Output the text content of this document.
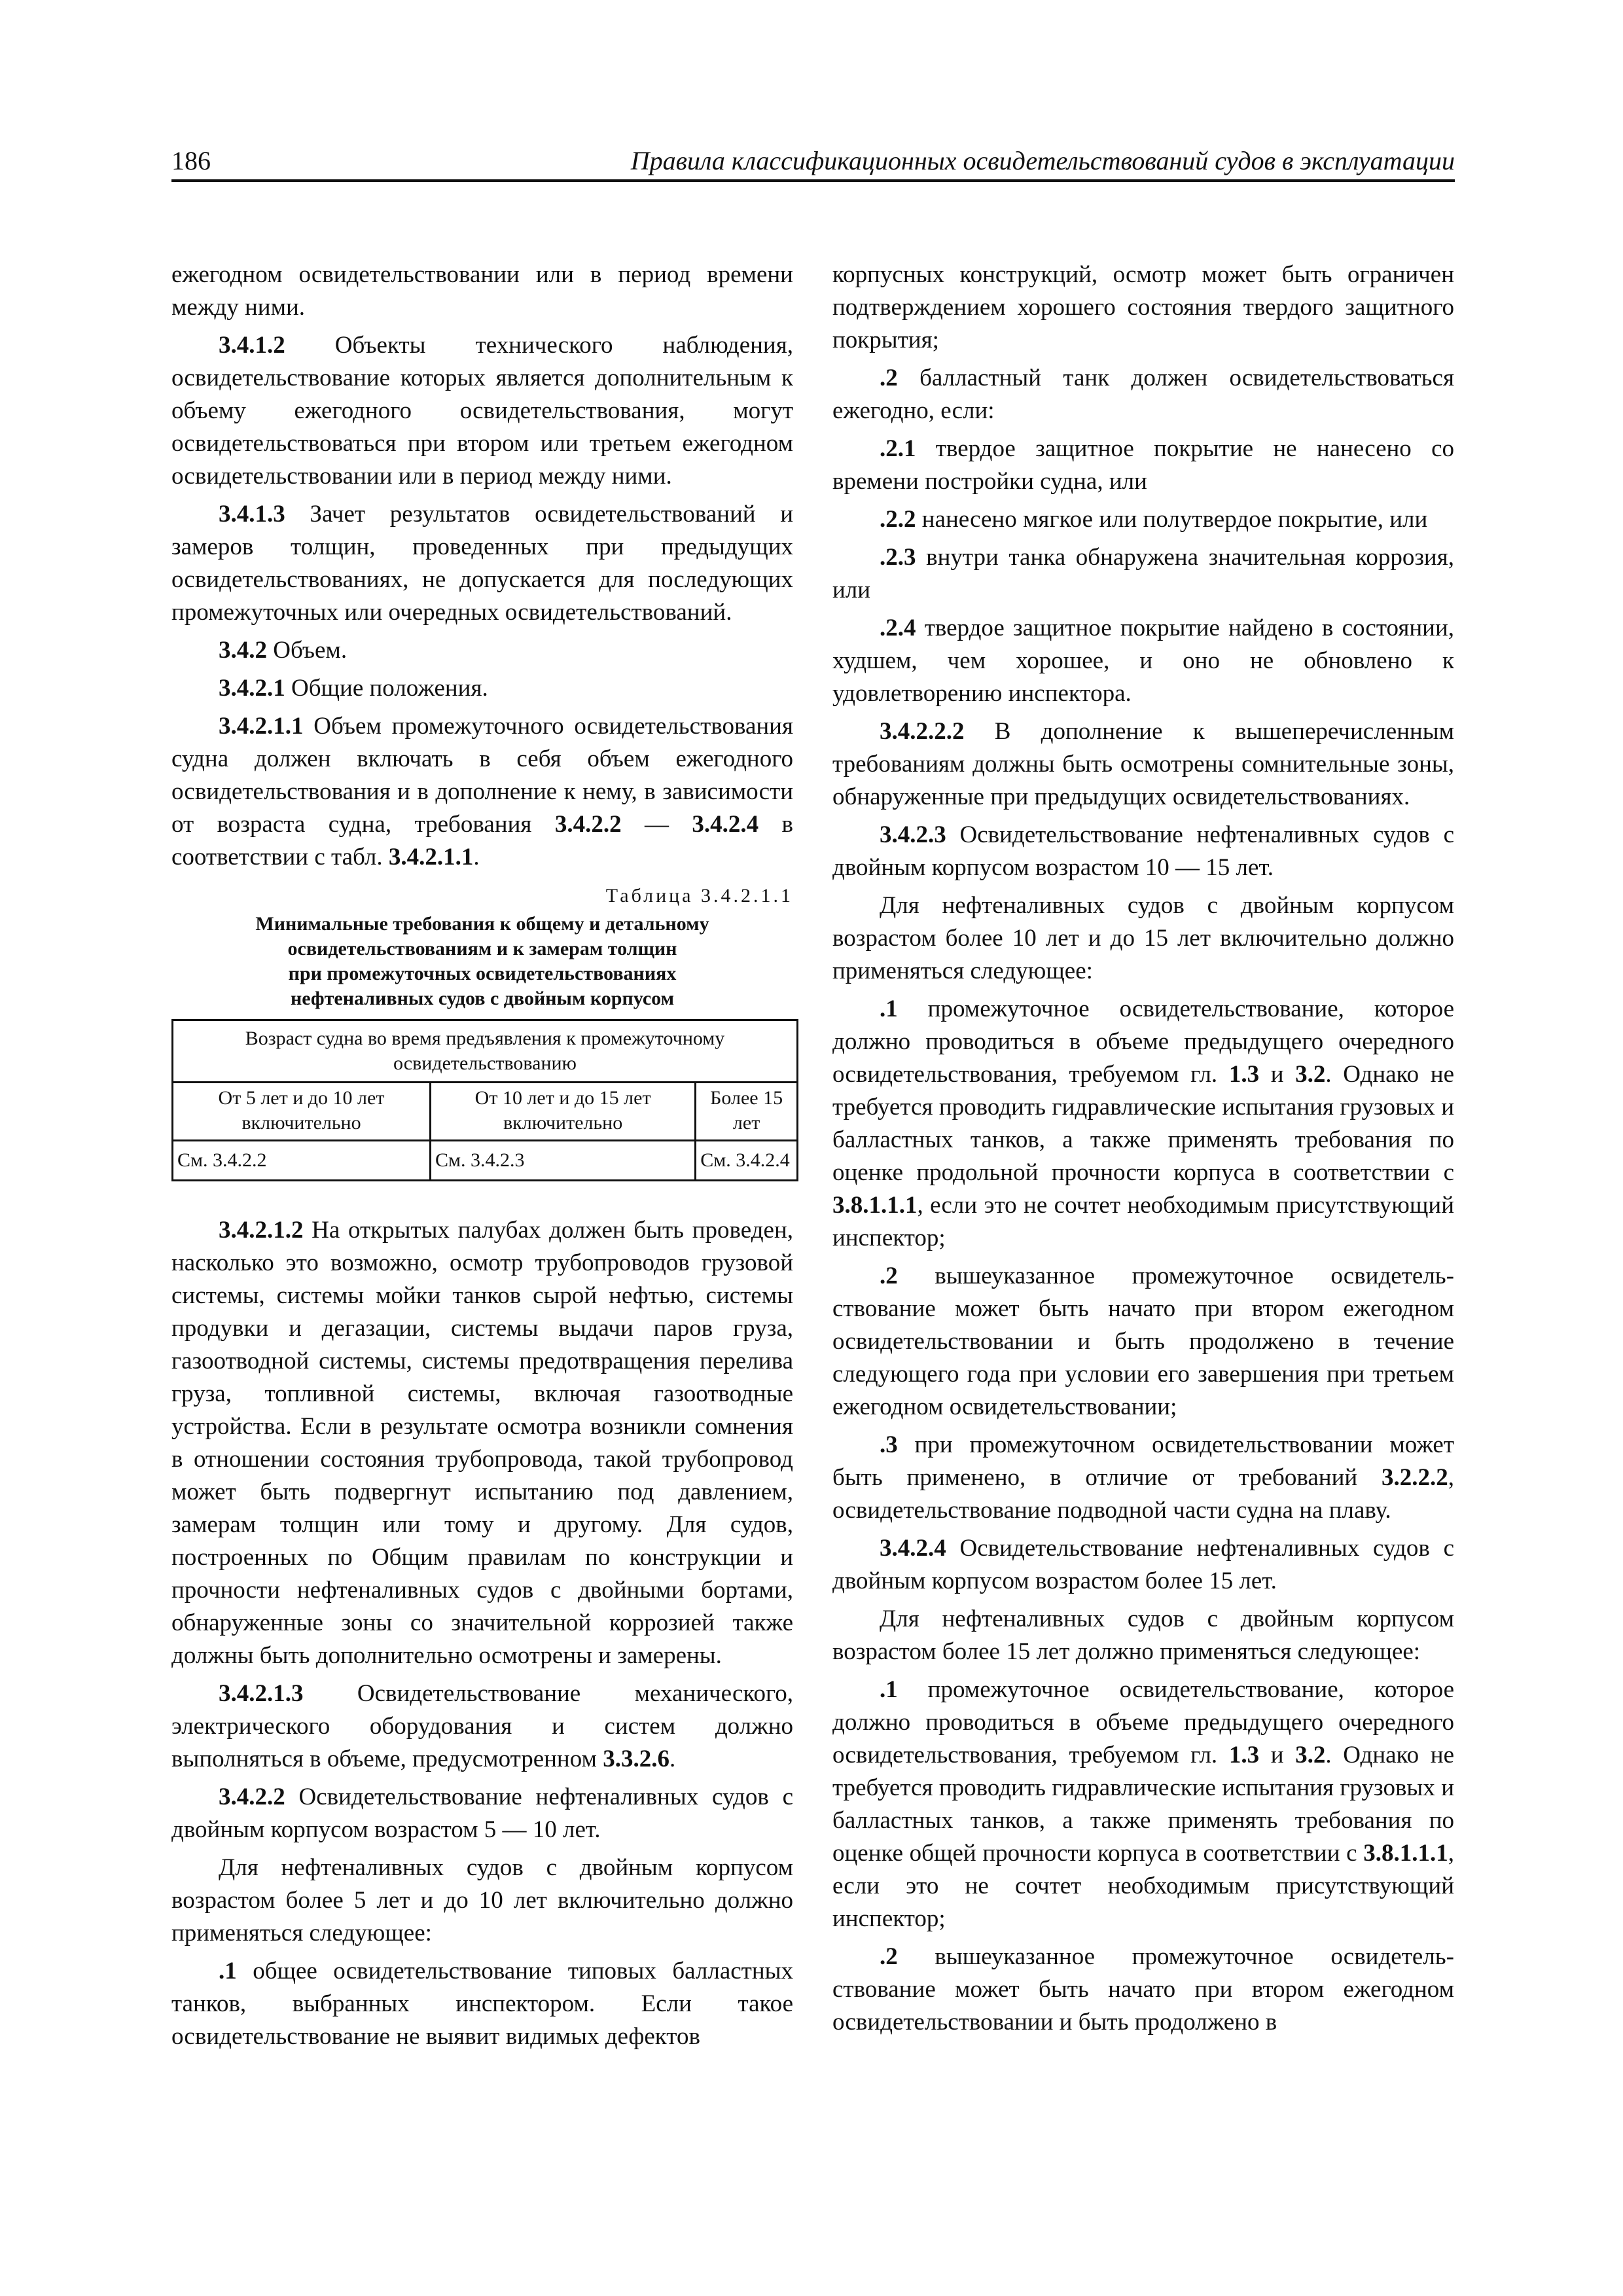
186	Правила классификационных освидетельствований судов в эксплуатации

ежегодном освидетельствовании или в период времени между ними.

3.4.1.2 Объекты технического наблюдения, освидетельствование которых является дополнительным к объему ежегодного освидетельствования, могут освидетельствоваться при втором или третьем ежегодном освидетельствовании или в период между ними.

3.4.1.3 Зачет результатов освидетельствований и замеров толщин, проведенных при предыдущих освидетельствованиях, не допускается для последующих промежуточных или очередных освидетельствований.

3.4.2 Объем.

3.4.2.1 Общие положения.

3.4.2.1.1 Объем промежуточного освидетельствования судна должен включать в себя объем ежегодного освидетельствования и в дополнение к нему, в зависимости от возраста судна, требования 3.4.2.2 — 3.4.2.4 в соответствии с табл. 3.4.2.1.1.

Таблица 3.4.2.1.1
Минимальные требования к общему и детальному
освидетельствованиям и к замерам толщин
при промежуточных освидетельствованиях
нефтеналивных судов с двойным корпусом
Возраст судна во время предъявления к промежуточному освидетельствованию		
От 5 лет и до 10 лет включительно	От 10 лет и до 15 лет включительно	Более 15 лет
См. 3.4.2.2	См. 3.4.2.3	См. 3.4.2.4

3.4.2.1.2 На открытых палубах должен быть проведен, насколько это возможно, осмотр трубопроводов грузовой системы, системы мойки танков сырой нефтью, системы продувки и дегазации, системы выдачи паров груза, газоотводной системы, системы предотвращения перелива груза, топливной системы, включая газоотводные устройства. Если в результате осмотра возникли сомнения в отношении состояния трубопровода, такой трубопровод может быть подвергнут испытанию под давлением, замерам толщин или тому и другому. Для судов, построенных по Общим правилам по конструкции и прочности нефтеналивных судов с двойными бортами, обнаруженные зоны со значительной коррозией также должны быть дополнительно осмотрены и замерены.

3.4.2.1.3 Освидетельствование механического, электрического оборудования и систем должно выполняться в объеме, предусмотренном 3.3.2.6.

3.4.2.2 Освидетельствование нефтеналивных судов с двойным корпусом возрастом 5 — 10 лет.

Для нефтеналивных судов с двойным корпусом возрастом более 5 лет и до 10 лет включительно должно применяться следующее:

.1 общее освидетельствование типовых балластных танков, выбранных инспектором. Если такое освидетельствование не выявит видимых дефектов

корпусных конструкций, осмотр может быть ограничен подтверждением хорошего состояния твердого защитного покрытия;

.2 балластный танк должен освидетельствоваться ежегодно, если:

.2.1 твердое защитное покрытие не нанесено со времени постройки судна, или

.2.2 нанесено мягкое или полутвердое покрытие, или

.2.3 внутри танка обнаружена значительная коррозия, или

.2.4 твердое защитное покрытие найдено в состоянии, худшем, чем хорошее, и оно не обновлено к удовлетворению инспектора.

3.4.2.2.2 В дополнение к вышеперечисленным требованиям должны быть осмотрены сомнительные зоны, обнаруженные при предыдущих освидетельствованиях.

3.4.2.3 Освидетельствование нефтеналивных судов с двойным корпусом возрастом 10 — 15 лет.

Для нефтеналивных судов с двойным корпусом возрастом более 10 лет и до 15 лет включительно должно применяться следующее:

.1 промежуточное освидетельствование, которое должно проводиться в объеме предыдущего очередного освидетельствования, требуемом гл. 1.3 и 3.2. Однако не требуется проводить гидравлические испытания грузовых и балластных танков, а также применять требования по оценке продольной прочности корпуса в соответствии с 3.8.1.1.1, если это не сочтет необходимым присутствующий инспектор;

.2 вышеуказанное промежуточное освидетельствование может быть начато при втором ежегодном освидетельствовании и быть продолжено в течение следующего года при условии его завершения при третьем ежегодном освидетельствовании;

.3 при промежуточном освидетельствовании может быть применено, в отличие от требований 3.2.2.2, освидетельствование подводной части судна на плаву.

3.4.2.4 Освидетельствование нефтеналивных судов с двойным корпусом возрастом более 15 лет.

Для нефтеналивных судов с двойным корпусом возрастом более 15 лет должно применяться следующее:

.1 промежуточное освидетельствование, которое должно проводиться в объеме предыдущего очередного освидетельствования, требуемом гл. 1.3 и 3.2. Однако не требуется проводить гидравлические испытания грузовых и балластных танков, а также применять требования по оценке общей прочности корпуса в соответствии с 3.8.1.1.1, если это не сочтет необходимым присутствующий инспектор;

.2 вышеуказанное промежуточное освидетельствование может быть начато при втором ежегодном освидетельствовании и быть продолжено в
